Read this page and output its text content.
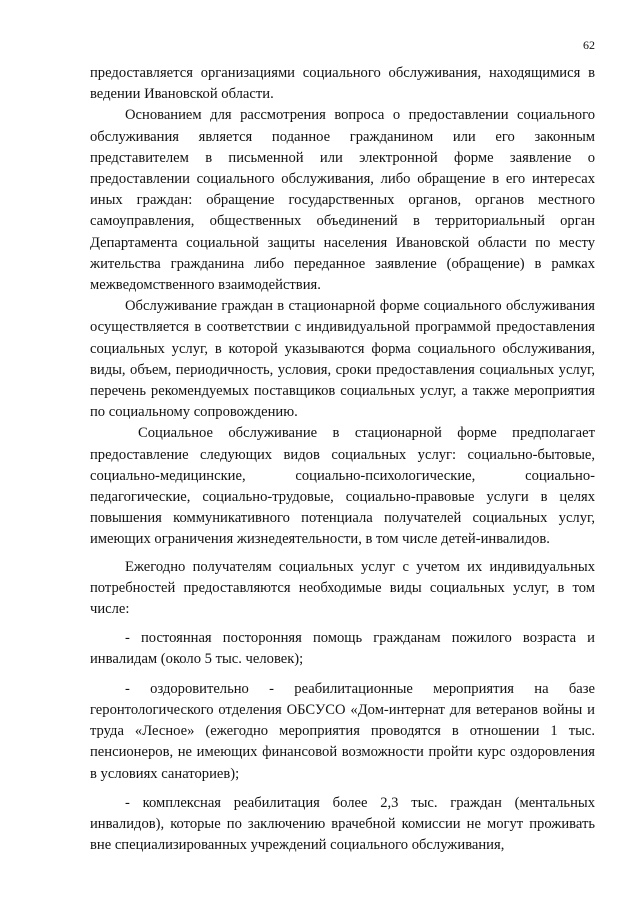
62

предоставляется организациями социального обслуживания, находящимися в ведении Ивановской области.

Основанием для рассмотрения вопроса о предоставлении социального обслуживания является поданное гражданином или его законным представителем в письменной или электронной форме заявление о предоставлении социального обслуживания, либо обращение в его интересах иных граждан: обращение государственных органов, органов местного самоуправления, общественных объединений в территориальный орган Департамента социальной защиты населения Ивановской области по месту жительства гражданина либо переданное заявление (обращение) в рамках межведомственного взаимодействия.

Обслуживание граждан в стационарной форме социального обслуживания осуществляется в соответствии с индивидуальной программой предоставления социальных услуг, в которой указываются форма социального обслуживания, виды, объем, периодичность, условия, сроки предоставления социальных услуг, перечень рекомендуемых поставщиков социальных услуг, а также мероприятия по социальному сопровождению.

Социальное обслуживание в стационарной форме предполагает предоставление следующих видов социальных услуг: социально-бытовые, социально-медицинские, социально-психологические, социально-педагогические, социально-трудовые, социально-правовые услуги в целях повышения коммуникативного потенциала получателей социальных услуг, имеющих ограничения жизнедеятельности, в том числе детей-инвалидов.

Ежегодно получателям социальных услуг с учетом их индивидуальных потребностей предоставляются необходимые виды социальных услуг, в том числе:

- постоянная посторонняя помощь гражданам пожилого возраста и инвалидам (около 5 тыс. человек);

- оздоровительно - реабилитационные мероприятия на базе геронтологического отделения ОБСУСО «Дом-интернат для ветеранов войны и труда «Лесное» (ежегодно мероприятия проводятся в отношении 1 тыс. пенсионеров, не имеющих финансовой возможности пройти курс оздоровления в условиях санаториев);

- комплексная реабилитация более 2,3 тыс. граждан (ментальных инвалидов), которые по заключению врачебной комиссии не могут проживать вне специализированных учреждений социального обслуживания,
